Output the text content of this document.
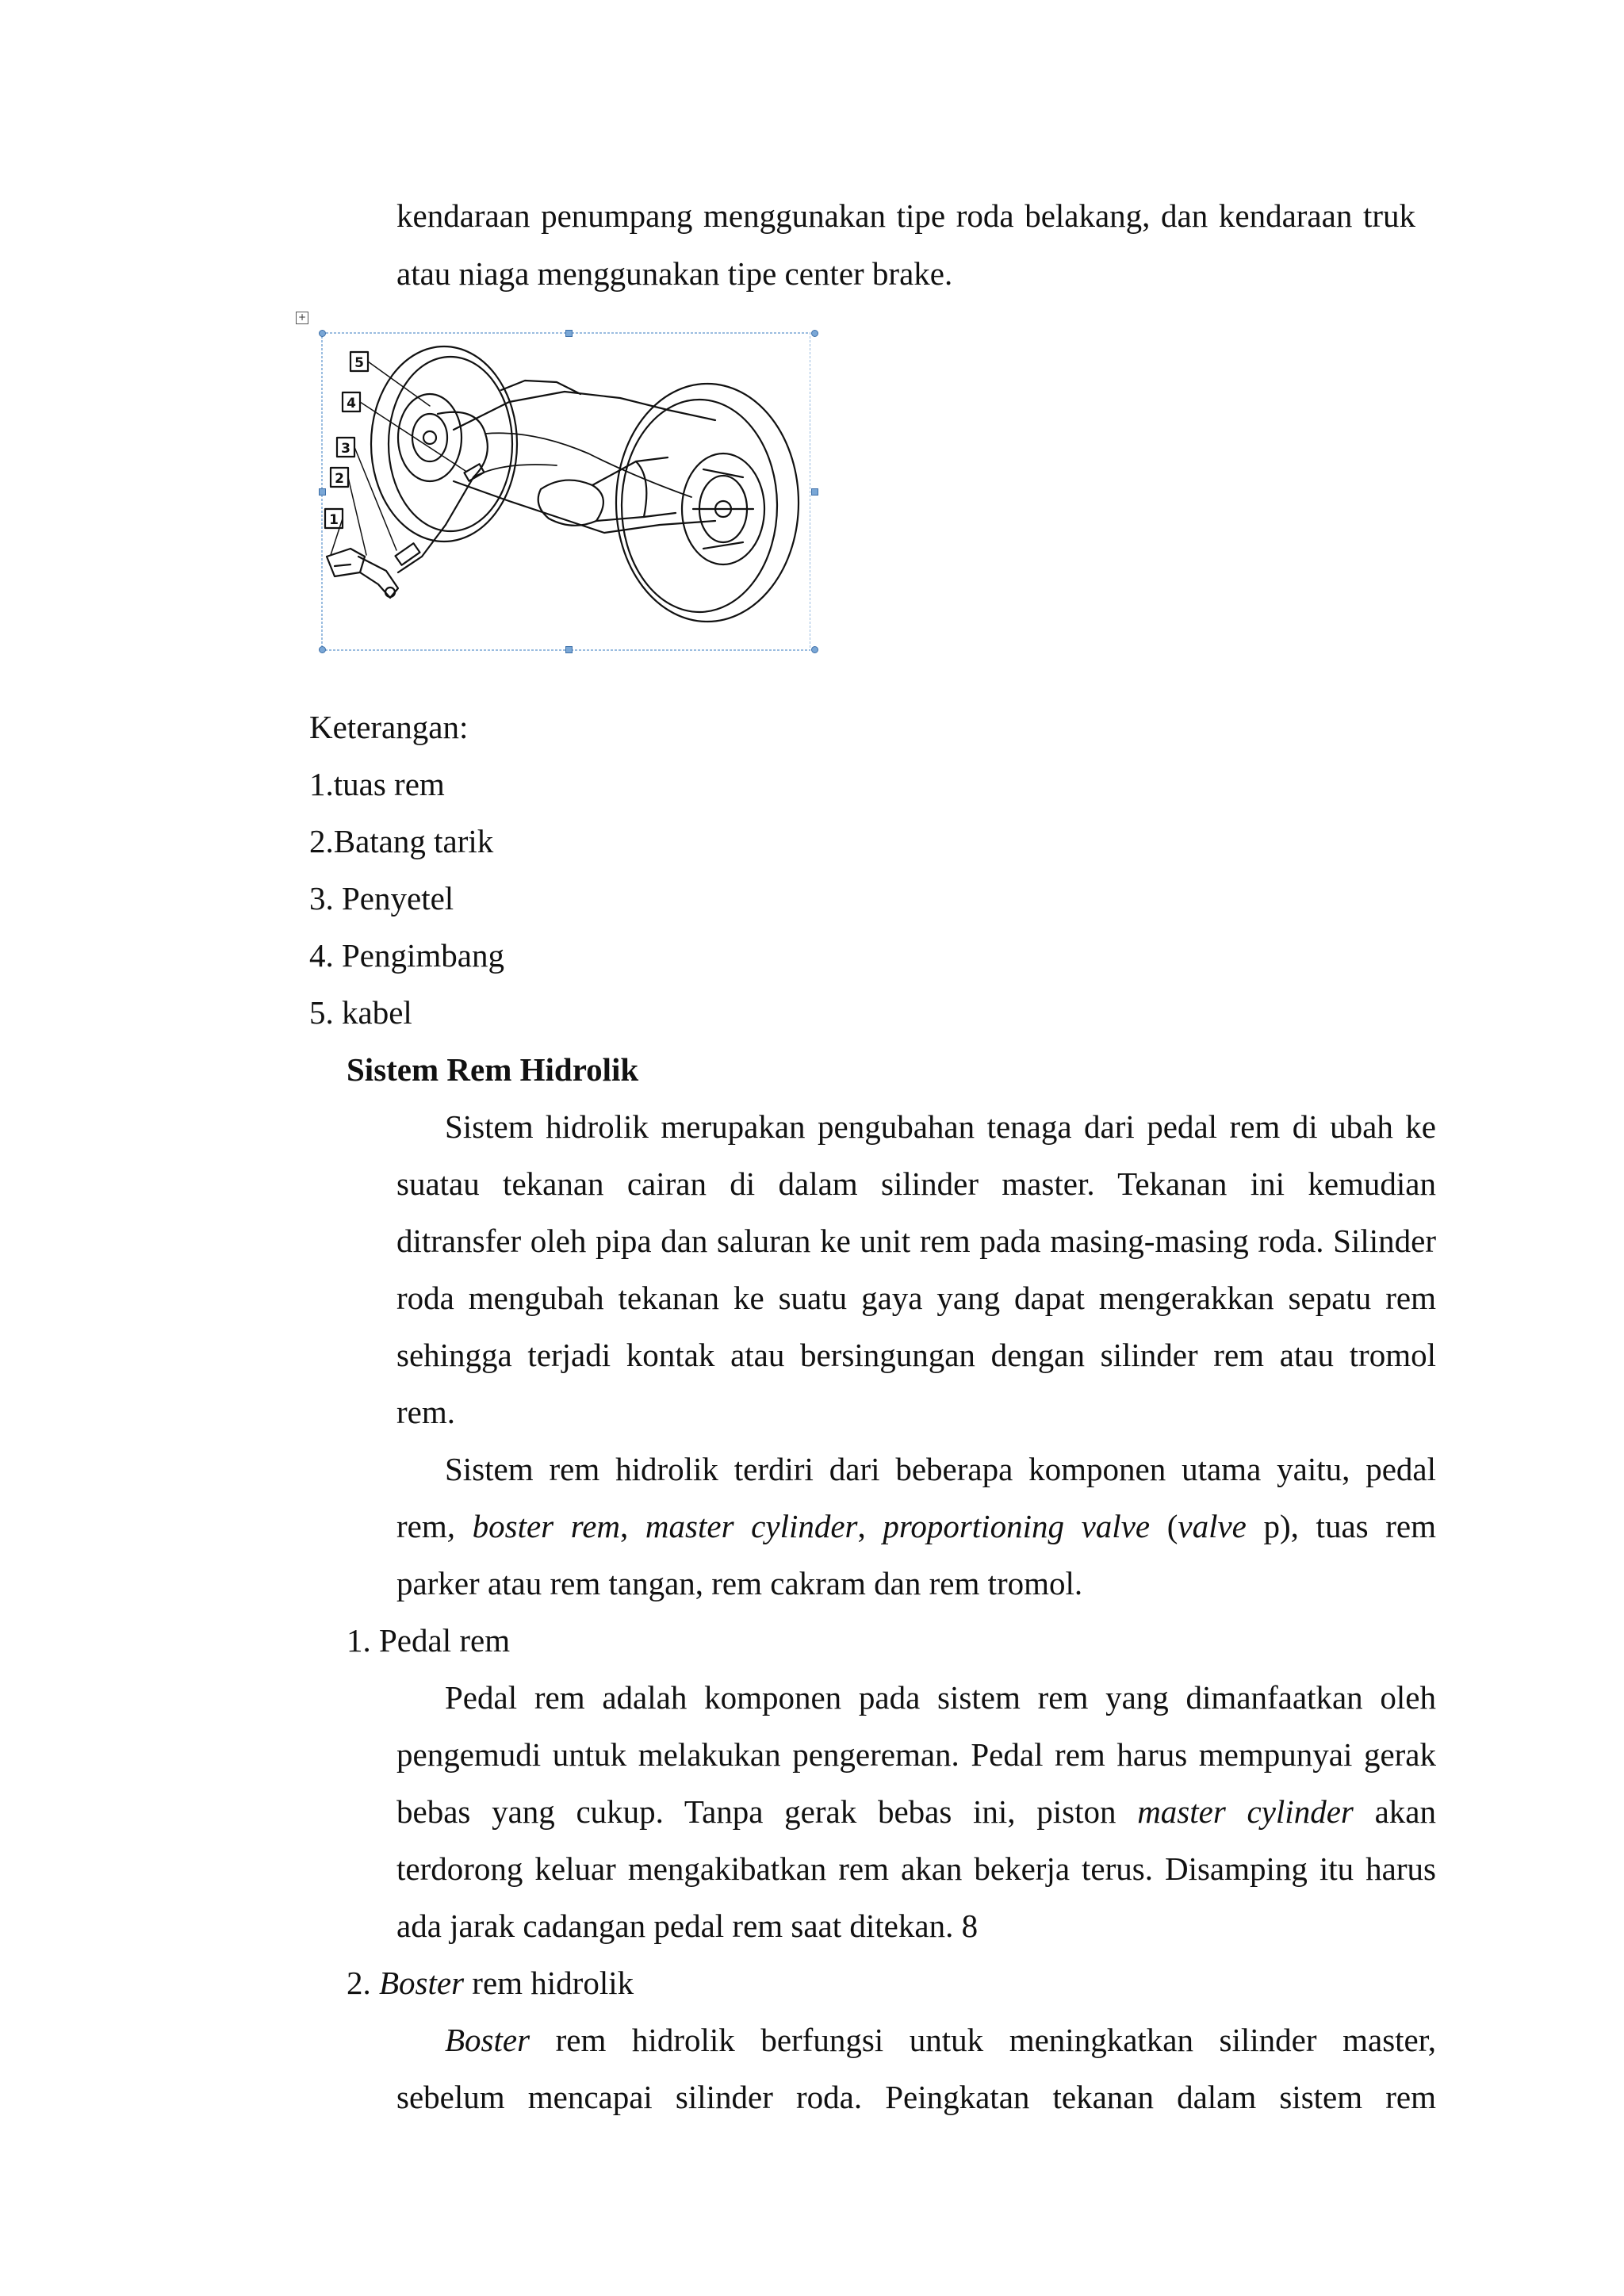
kendaraan penumpang menggunakan tipe roda belakang, dan kendaraan truk
atau niaga menggunakan tipe center brake.
+
5
4
3
2
1
Keterangan:
1.tuas rem
2.Batang tarik
3. Penyetel
4. Pengimbang
5. kabel
Sistem Rem Hidrolik
Sistem hidrolik merupakan pengubahan tenaga dari pedal rem di ubah ke
suatau tekanan cairan di dalam silinder master. Tekanan ini kemudian
ditransfer oleh pipa dan saluran ke unit rem pada masing-masing roda. Silinder
roda mengubah tekanan ke suatu gaya yang dapat mengerakkan sepatu rem
sehingga terjadi kontak atau bersingungan dengan silinder rem atau tromol
rem.
Sistem rem hidrolik terdiri dari beberapa komponen utama yaitu, pedal
rem, boster rem, master cylinder, proportioning valve (valve p), tuas rem
parker atau rem tangan, rem cakram dan rem tromol.
1. Pedal rem
Pedal rem adalah komponen pada sistem rem yang dimanfaatkan oleh
pengemudi untuk melakukan pengereman. Pedal rem harus mempunyai gerak
bebas yang cukup. Tanpa gerak bebas ini, piston master cylinder akan
terdorong keluar mengakibatkan rem akan bekerja terus. Disamping itu harus
ada jarak cadangan pedal rem saat ditekan. 8
2. Boster rem hidrolik
Boster rem hidrolik berfungsi untuk meningkatkan silinder master,
sebelum mencapai silinder roda. Peingkatan tekanan dalam sistem rem
